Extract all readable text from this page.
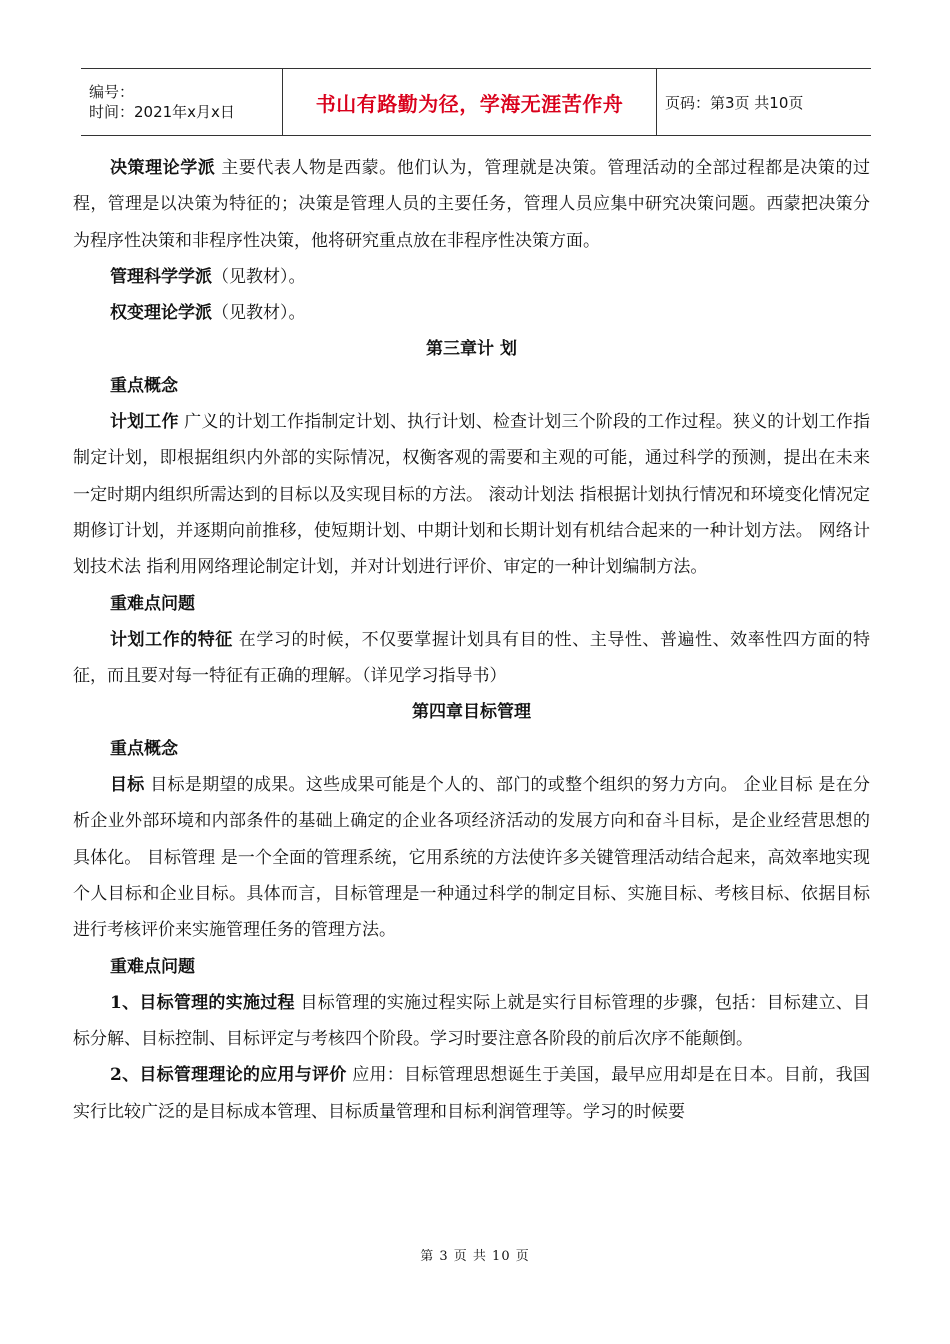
编号：
时间：2021年x月x日	书山有路勤为径，学海无涯苦作舟	页码：第3页 共10页

决策理论学派 主要代表人物是西蒙。他们认为，管理就是决策。管理活动的全部过程都是决策的过程，管理是以决策为特征的；决策是管理人员的主要任务，管理人员应集中研究决策问题。西蒙把决策分为程序性决策和非程序性决策，他将研究重点放在非程序性决策方面。

管理科学学派（见教材）。

权变理论学派（见教材）。

第三章计 划

重点概念

计划工作 广义的计划工作指制定计划、执行计划、检查计划三个阶段的工作过程。狭义的计划工作指制定计划，即根据组织内外部的实际情况，权衡客观的需要和主观的可能，通过科学的预测，提出在未来一定时期内组织所需达到的目标以及实现目标的方法。 滚动计划法 指根据计划执行情况和环境变化情况定期修订计划，并逐期向前推移，使短期计划、中期计划和长期计划有机结合起来的一种计划方法。 网络计划技术法 指利用网络理论制定计划，并对计划进行评价、审定的一种计划编制方法。

重难点问题

计划工作的特征 在学习的时候，不仅要掌握计划具有目的性、主导性、普遍性、效率性四方面的特征，而且要对每一特征有正确的理解。（详见学习指导书）

第四章目标管理

重点概念

目标 目标是期望的成果。这些成果可能是个人的、部门的或整个组织的努力方向。 企业目标 是在分析企业外部环境和内部条件的基础上确定的企业各项经济活动的发展方向和奋斗目标，是企业经营思想的具体化。 目标管理 是一个全面的管理系统，它用系统的方法使许多关键管理活动结合起来，高效率地实现个人目标和企业目标。具体而言，目标管理是一种通过科学的制定目标、实施目标、考核目标、依据目标进行考核评价来实施管理任务的管理方法。

重难点问题

1、目标管理的实施过程 目标管理的实施过程实际上就是实行目标管理的步骤，包括：目标建立、目标分解、目标控制、目标评定与考核四个阶段。学习时要注意各阶段的前后次序不能颠倒。

2、目标管理理论的应用与评价 应用：目标管理思想诞生于美国，最早应用却是在日本。目前，我国实行比较广泛的是目标成本管理、目标质量管理和目标利润管理等。学习的时候要

第 3 页 共 10 页
